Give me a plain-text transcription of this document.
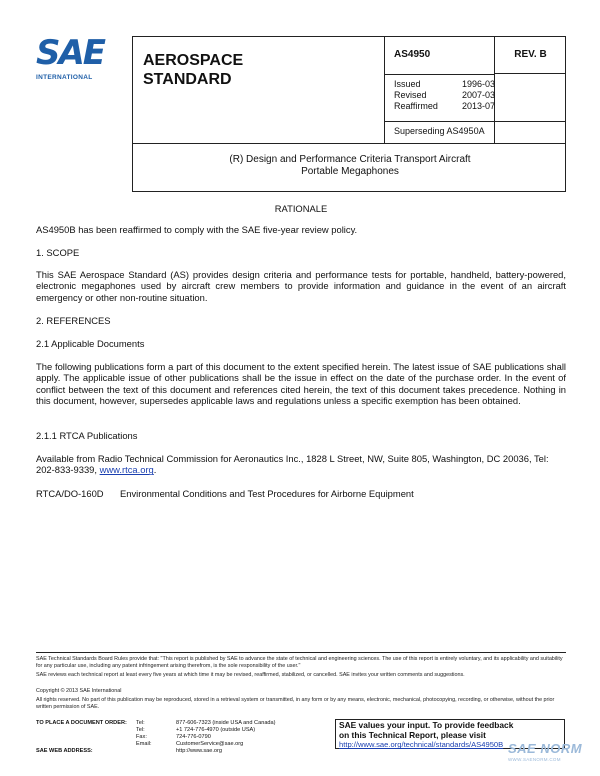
SAE
INTERNATIONAL
AEROSPACE
STANDARD
AS4950
Issued	1996-03
Revised	2007-03
Reaffirmed	2013-07
Superseding AS4950A
REV. B
(R) Design and Performance Criteria Transport Aircraft
Portable Megaphones
RATIONALE
AS4950B has been reaffirmed to comply with the SAE five-year review policy.
1. SCOPE
This SAE Aerospace Standard (AS) provides design criteria and performance tests for portable, handheld, battery-powered, electronic megaphones used by aircraft crew members to provide information and guidance in the event of an aircraft emergency or other non-routine situation.
2. REFERENCES
2.1 Applicable Documents
The following publications form a part of this document to the extent specified herein. The latest issue of SAE publications shall apply. The applicable issue of other publications shall be the issue in effect on the date of the purchase order. In the event of conflict between the text of this document and references cited herein, the text of this document takes precedence. Nothing in this document, however, supersedes applicable laws and regulations unless a specific exemption has been obtained.
2.1.1 RTCA Publications
Available from Radio Technical Commission for Aeronautics Inc., 1828 L Street, NW, Suite 805, Washington, DC 20036, Tel: 202-833-9339, www.rtca.org.
RTCA/DO-160D	Environmental Conditions and Test Procedures for Airborne Equipment
SAE Technical Standards Board Rules provide that: "This report is published by SAE to advance the state of technical and engineering sciences. The use of this report is entirely voluntary, and its applicability and suitability for any particular use, including any patent infringement arising therefrom, is the sole responsibility of the user."
SAE reviews each technical report at least every five years at which time it may be revised, reaffirmed, stabilized, or cancelled. SAE invites your written comments and suggestions.
Copyright © 2013 SAE International
All rights reserved. No part of this publication may be reproduced, stored in a retrieval system or transmitted, in any form or by any means, electronic, mechanical, photocopying, recording, or otherwise, without the prior written permission of SAE.
TO PLACE A DOCUMENT ORDER:	Tel:	877-606-7323 (inside USA and Canada)
Tel:	+1 724-776-4970 (outside USA)
Fax:	724-776-0790
Email:	CustomerService@sae.org
SAE WEB ADDRESS:	http://www.sae.org
SAE values your input. To provide feedback
on this Technical Report, please visit
http://www.sae.org/technical/standards/AS4950B SAE NORM
WWW.SAENORM.COM
